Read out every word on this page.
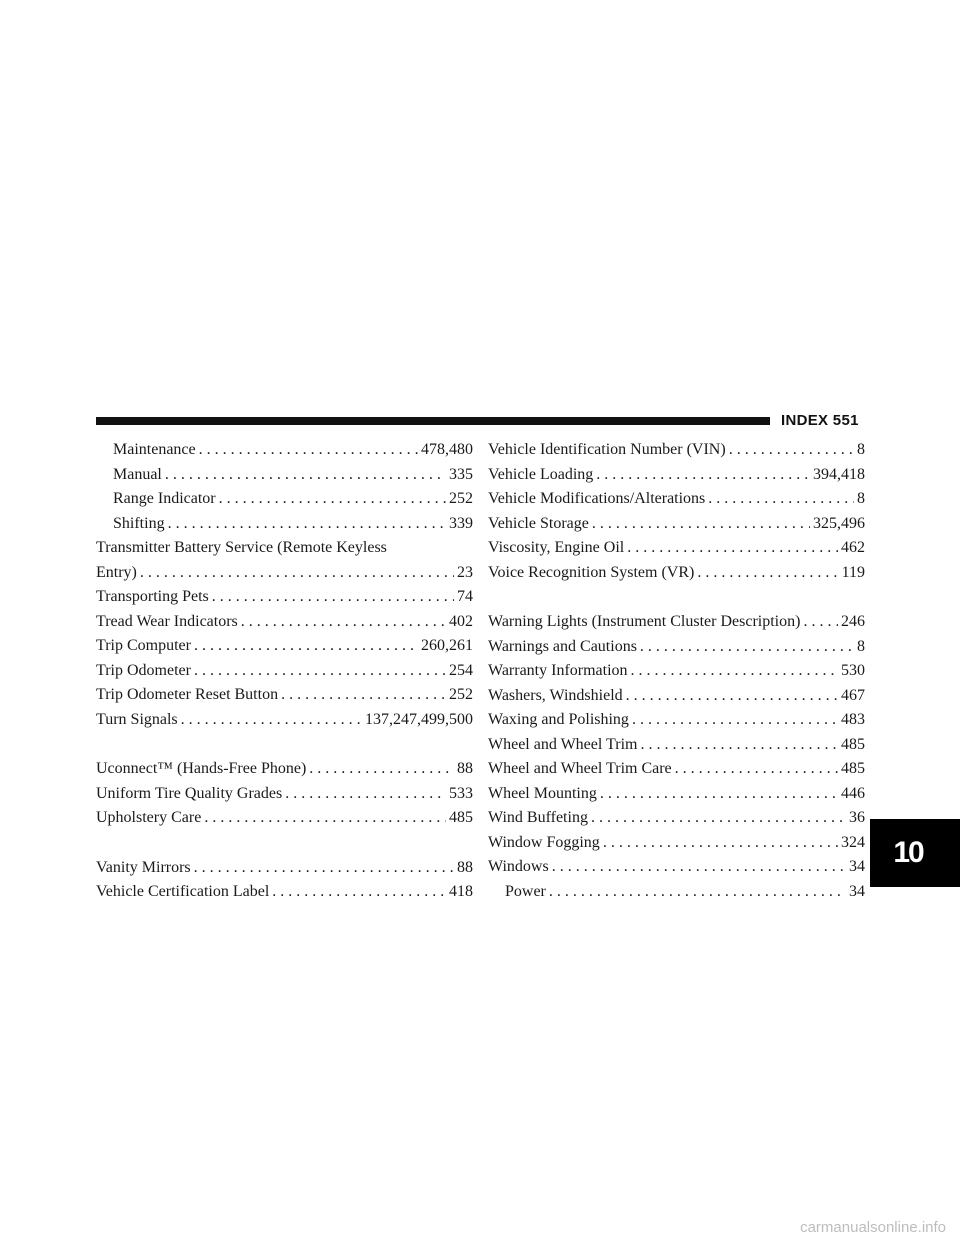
INDEX 551
Maintenance . . .	478,480
Manual . . .	335
Range Indicator . . .	252
Shifting . . .	339
Transmitter Battery Service (Remote Keyless
Entry) . . .	23
Transporting Pets . . .	74
Tread Wear Indicators . . .	402
Trip Computer . . .	260,261
Trip Odometer . . .	254
Trip Odometer Reset Button . . .	252
Turn Signals . . .	137,247,499,500
Uconnect™ (Hands-Free Phone) . . .	88
Uniform Tire Quality Grades . . .	533
Upholstery Care . . .	485
Vanity Mirrors . . .	88
Vehicle Certification Label . . .	418
Vehicle Identification Number (VIN) . . .	8
Vehicle Loading . . .	394,418
Vehicle Modifications/Alterations . . .	8
Vehicle Storage . . .	325,496
Viscosity, Engine Oil . . .	462
Voice Recognition System (VR) . . .	119
Warning Lights (Instrument Cluster Description) . . .	246
Warnings and Cautions . . .	8
Warranty Information . . .	530
Washers, Windshield . . .	467
Waxing and Polishing . . .	483
Wheel and Wheel Trim . . .	485
Wheel and Wheel Trim Care . . .	485
Wheel Mounting . . .	446
Wind Buffeting . . .	36
Window Fogging . . .	324
Windows . . .	34
Power . . .	34
10
carmanualsonline.info
